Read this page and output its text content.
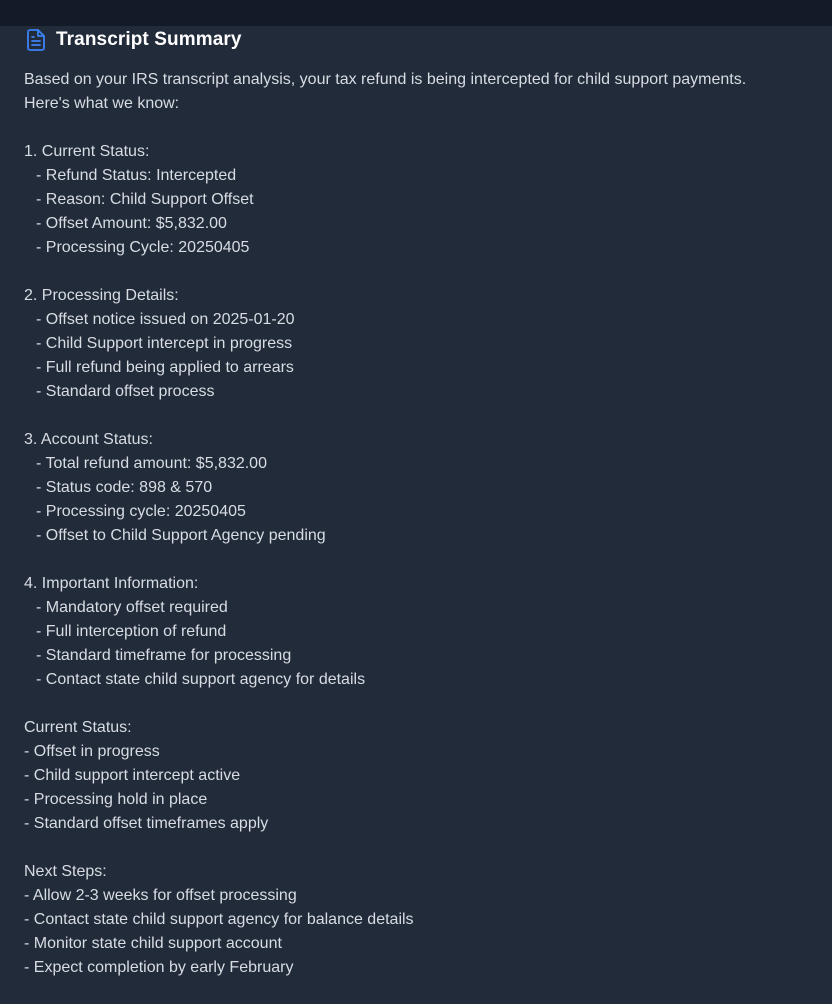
Transcript Summary
Based on your IRS transcript analysis, your tax refund is being intercepted for child support payments.
Here's what we know:
1. Current Status:
- Refund Status: Intercepted
- Reason: Child Support Offset
- Offset Amount: $5,832.00
- Processing Cycle: 20250405
2. Processing Details:
- Offset notice issued on 2025-01-20
- Child Support intercept in progress
- Full refund being applied to arrears
- Standard offset process
3. Account Status:
- Total refund amount: $5,832.00
- Status code: 898 & 570
- Processing cycle: 20250405
- Offset to Child Support Agency pending
4. Important Information:
- Mandatory offset required
- Full interception of refund
- Standard timeframe for processing
- Contact state child support agency for details
Current Status:
- Offset in progress
- Child support intercept active
- Processing hold in place
- Standard offset timeframes apply
Next Steps:
- Allow 2-3 weeks for offset processing
- Contact state child support agency for balance details
- Monitor state child support account
- Expect completion by early February
